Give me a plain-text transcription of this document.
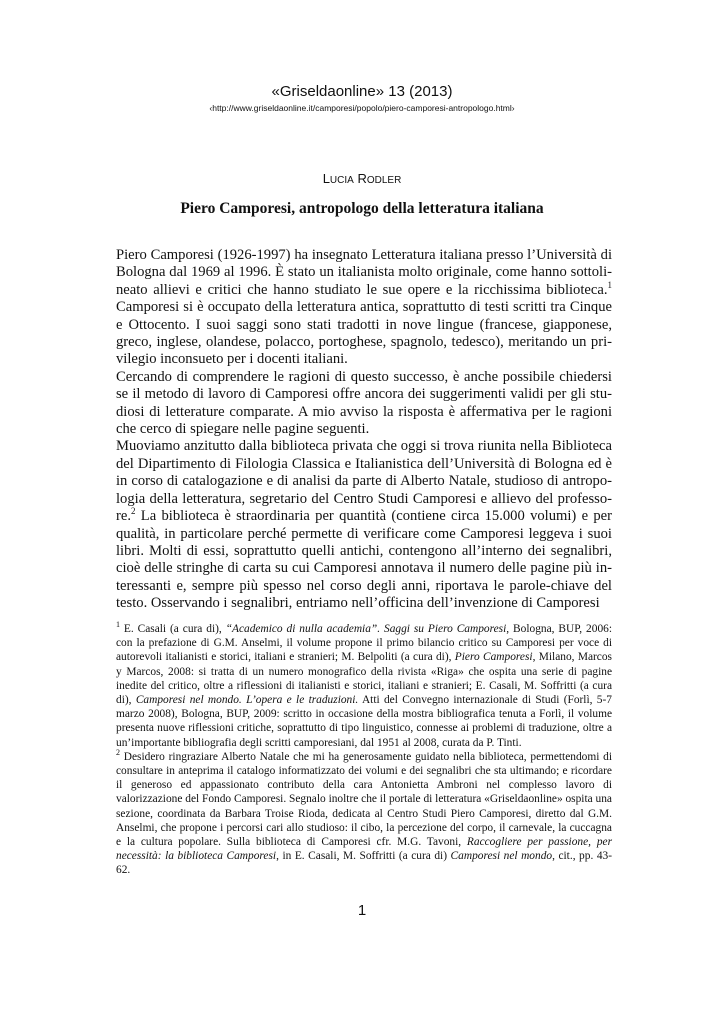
«Griseldaonline» 13 (2013)
‹http://www.griseldaonline.it/camporesi/popolo/piero-camporesi-antropologo.html›
LUCIA RODLER
Piero Camporesi, antropologo della letteratura italiana

Piero Camporesi (1926-1997) ha insegnato Letteratura italiana presso l’Università di Bologna dal 1969 al 1996. È stato un italianista molto originale, come hanno sottolineato allievi e critici che hanno studiato le sue opere e la ricchissima biblioteca.$^1$ Camporesi si è occupato della letteratura antica, soprattutto di testi scritti tra Cinque e Ottocento. I suoi saggi sono stati tradotti in nove lingue (francese, giapponese, greco, inglese, olandese, polacco, portoghese, spagnolo, tedesco), meritando un privilegio inconsueto per i docenti italiani.

Cercando di comprendere le ragioni di questo successo, è anche possibile chiedersi se il metodo di lavoro di Camporesi offre ancora dei suggerimenti validi per gli studiosi di letterature comparate. A mio avviso la risposta è affermativa per le ragioni che cerco di spiegare nelle pagine seguenti.

Muoviamo anzitutto dalla biblioteca privata che oggi si trova riunita nella Biblioteca del Dipartimento di Filologia Classica e Italianistica dell’Università di Bologna ed è in corso di catalogazione e di analisi da parte di Alberto Natale, studioso di antropologia della letteratura, segretario del Centro Studi Camporesi e allievo del professore.$^2$ La biblioteca è straordinaria per quantità (contiene circa 15.000 volumi) e per qualità, in particolare perché permette di verificare come Camporesi leggeva i suoi libri. Molti di essi, soprattutto quelli antichi, contengono all’interno dei segnalibri, cioè delle stringhe di carta su cui Camporesi annotava il numero delle pagine più interessanti e, sempre più spesso nel corso degli anni, riportava le parole-chiave del testo. Osservando i segnalibri, entriamo nell’officina dell’invenzione di Camporesi

$^1$ E. Casali (a cura di), “Academico di nulla academia”. Saggi su Piero Camporesi, Bologna, BUP, 2006: con la prefazione di G.M. Anselmi, il volume propone il primo bilancio critico su Camporesi per voce di autorevoli italianisti e storici, italiani e stranieri; M. Belpoliti (a cura di), Piero Camporesi, Milano, Marcos y Marcos, 2008: si tratta di un numero monografico della rivista «Riga» che ospita una serie di pagine inedite del critico, oltre a riflessioni di italianisti e storici, italiani e stranieri; E. Casali, M. Soffritti (a cura di), Camporesi nel mondo. L’opera e le traduzioni. Atti del Convegno internazionale di Studi (Forlì, 5-7 marzo 2008), Bologna, BUP, 2009: scritto in occasione della mostra bibliografica tenuta a Forlì, il volume presenta nuove riflessioni critiche, soprattutto di tipo linguistico, connesse ai problemi di traduzione, oltre a un’importante bibliografia degli scritti camporesiani, dal 1951 al 2008, curata da P. Tinti.

$^2$ Desidero ringraziare Alberto Natale che mi ha generosamente guidato nella biblioteca, permettendomi di consultare in anteprima il catalogo informatizzato dei volumi e dei segnalibri che sta ultimando; e ricordare il generoso ed appassionato contributo della cara Antonietta Ambroni nel complesso lavoro di valorizzazione del Fondo Camporesi. Segnalo inoltre che il portale di letteratura «Griseldaonline» ospita una sezione, coordinata da Barbara Troise Rioda, dedicata al Centro Studi Piero Camporesi, diretto dal G.M. Anselmi, che propone i percorsi cari allo studioso: il cibo, la percezione del corpo, il carnevale, la cuccagna e la cultura popolare. Sulla biblioteca di Camporesi cfr. M.G. Tavoni, Raccogliere per passione, per necessità: la biblioteca Camporesi, in E. Casali, M. Soffritti (a cura di) Camporesi nel mondo, cit., pp. 43-62.

1
